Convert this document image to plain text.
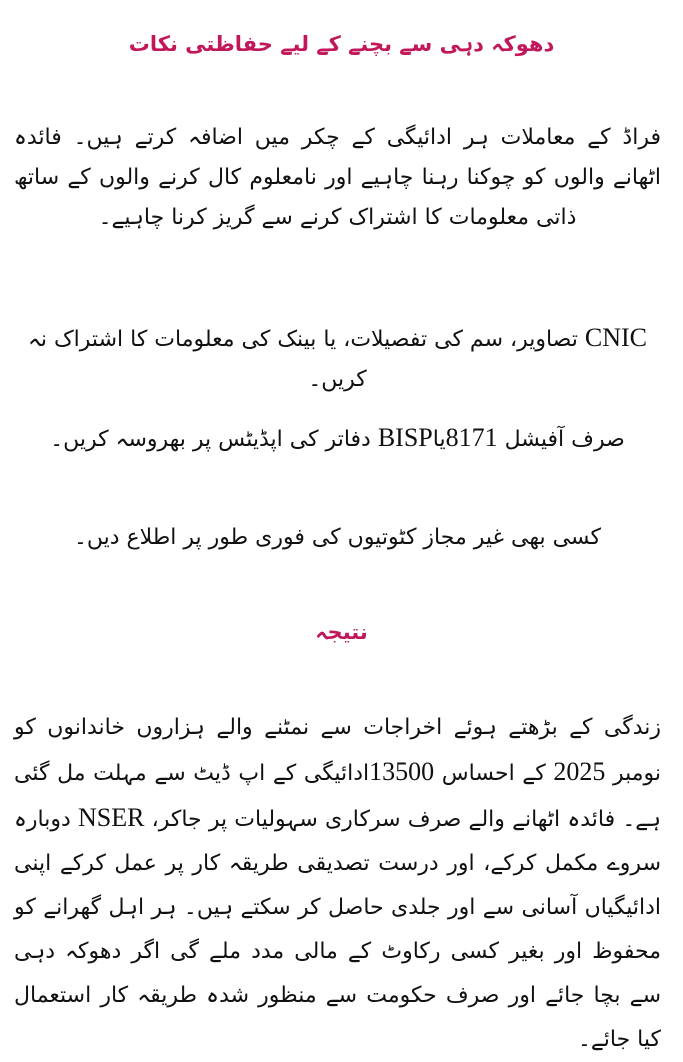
دھوکہ دہی سے بچنے کے لیے حفاظتی نکات

فراڈ کے معاملات ہر ادائیگی کے چکر میں اضافہ کرتے ہیں۔ فائدہ اٹھانے والوں کو چوکنا رہنا چاہیے اور نامعلوم کال کرنے والوں کے ساتھ ذاتی معلومات کا اشتراک کرنے سے گریز کرنا چاہیے۔

CNIC تصاویر، سم کی تفصیلات، یا بینک کی معلومات کا اشتراک نہ کریں۔

صرف آفیشل 8171یاBISP دفاتر کی اپڈیٹس پر بھروسہ کریں۔

کسی بھی غیر مجاز کٹوتیوں کی فوری طور پر اطلاع دیں۔

نتیجہ

زندگی کے بڑھتے ہوئے اخراجات سے نمٹنے والے ہزاروں خاندانوں کو نومبر 2025 کے احساس 13500ادائیگی کے اپ ڈیٹ سے مہلت مل گئی ہے۔ فائدہ اٹھانے والے صرف سرکاری سہولیات پر جاکر، NSER دوبارہ سروے مکمل کرکے، اور درست تصدیقی طریقہ کار پر عمل کرکے اپنی ادائیگیاں آسانی سے اور جلدی حاصل کر سکتے ہیں۔ ہر اہل گھرانے کو محفوظ اور بغیر کسی رکاوٹ کے مالی مدد ملے گی اگر دھوکہ دہی سے بچا جائے اور صرف حکومت سے منظور شدہ طریقہ کار استعمال کیا جائے۔
